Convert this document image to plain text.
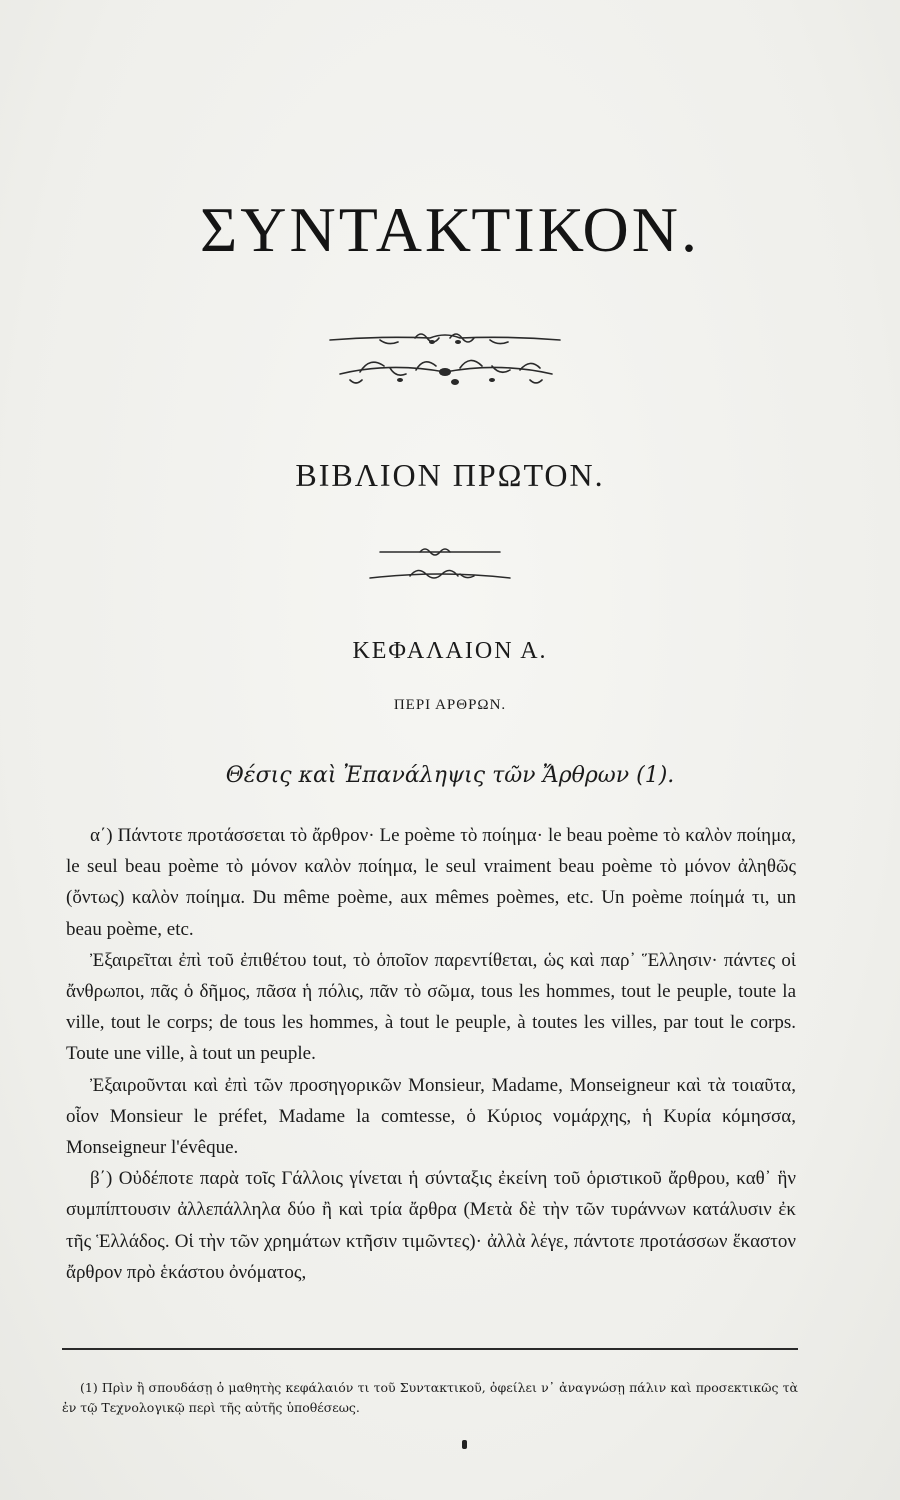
ΣΥΝΤΑΚΤΙΚΟΝ.
ΒΙΒΛΙΟΝ ΠΡΩΤΟΝ.
ΚΕΦΑΛΑΙΟΝ Α.
ΠΕΡΙ ΑΡΘΡΩΝ.
Θέσις καὶ Ἐπανάληψις τῶν Ἄρθρων (1).

α΄) Πάντοτε προτάσσεται τὸ ἄρθρον· Le poème τὸ ποίημα· le beau poème τὸ καλὸν ποίημα, le seul beau poème τὸ μόνον καλὸν ποίημα, le seul vraiment beau poème τὸ μόνον ἀληθῶς (ὄντως) καλὸν ποίημα. Du même poème, aux mêmes poèmes, etc. Un poème ποίημά τι, un beau poème, etc.

Ἐξαιρεῖται ἐπὶ τοῦ ἐπιθέτου tout, τὸ ὁποῖον παρεντίθεται, ὡς καὶ παρ᾿ Ἕλλησιν· πάντες οἱ ἄνθρωποι, πᾶς ὁ δῆμος, πᾶσα ἡ πόλις, πᾶν τὸ σῶμα, tous les hommes, tout le peuple, toute la ville, tout le corps; de tous les hommes, à tout le peuple, à toutes les villes, par tout le corps. Toute une ville, à tout un peuple.

Ἐξαιροῦνται καὶ ἐπὶ τῶν προσηγορικῶν Monsieur, Madame, Monseigneur καὶ τὰ τοιαῦτα, οἷον Monsieur le préfet, Madame la comtesse, ὁ Κύριος νομάρχης, ἡ Κυρία κόμησσα, Monseigneur l'évêque.

β΄) Οὐδέποτε παρὰ τοῖς Γάλλοις γίνεται ἡ σύνταξις ἐκείνη τοῦ ὁριστικοῦ ἄρθρου, καθ᾿ ἣν συμπίπτουσιν ἀλλεπάλληλα δύο ἢ καὶ τρία ἄρθρα (Μετὰ δὲ τὴν τῶν τυράννων κατάλυσιν ἐκ τῆς Ἑλλάδος. Οἱ τὴν τῶν χρημάτων κτῆσιν τιμῶντες)· ἀλλὰ λέγε, πάντοτε προτάσσων ἕκαστον ἄρθρον πρὸ ἑκάστου ὀνόματος,

(1) Πρὶν ἢ σπουδάσῃ ὁ μαθητὴς κεφάλαιόν τι τοῦ Συντακτικοῦ, ὀφείλει ν᾿ ἀναγνώσῃ πάλιν καὶ προσεκτικῶς τὰ ἐν τῷ Τεχνολογικῷ περὶ τῆς αὐτῆς ὑποθέσεως.
